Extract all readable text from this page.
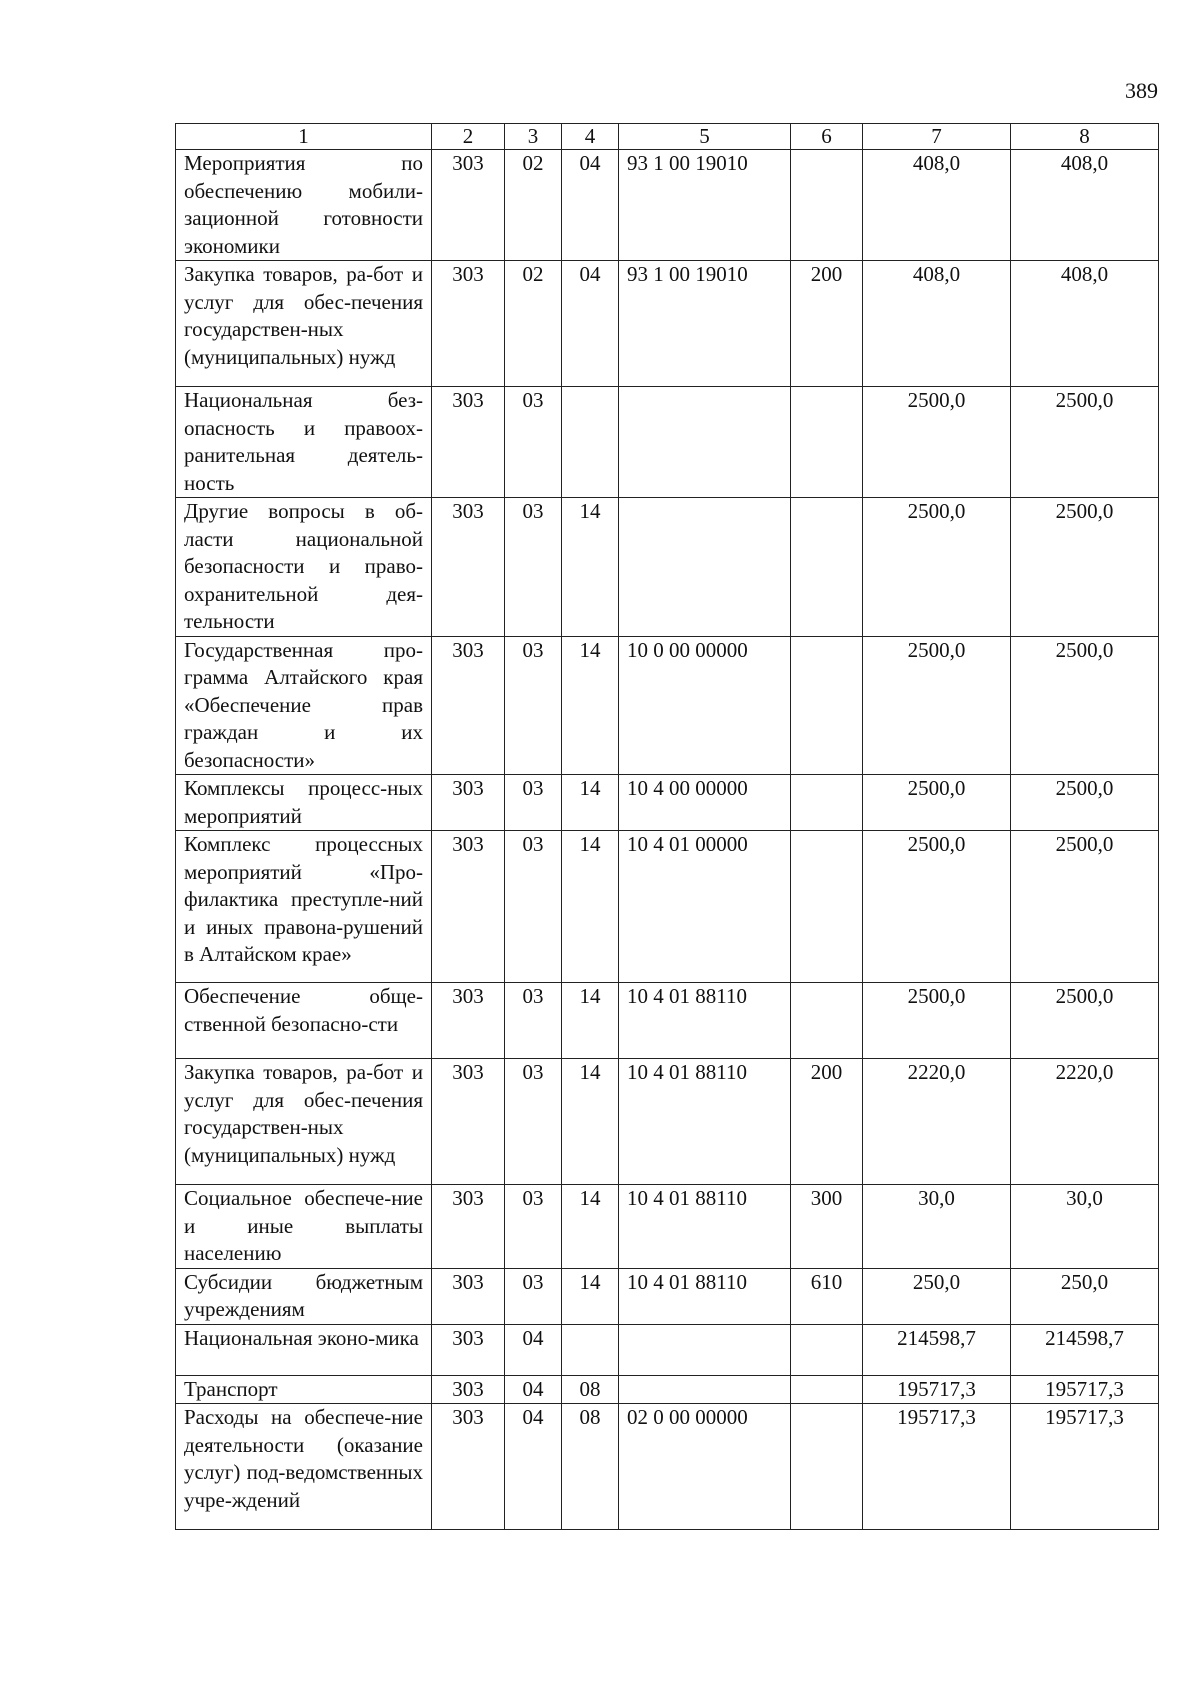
389
1	2	3	4	5	6	7	8
Мероприятия по обеспечению мобили-зационной готовности экономики	303	02	04	93 1 00 19010		408,0	408,0
Закупка товаров, ра-бот и услуг для обес-печения государствен-ных (муниципальных) нужд	303	02	04	93 1 00 19010	200	408,0	408,0
Национальная без-опасность и правоох-ранительная деятель-ность	303	03				2500,0	2500,0
Другие вопросы в об-ласти национальной безопасности и право-охранительной дея-тельности	303	03	14			2500,0	2500,0
Государственная про-грамма Алтайского края «Обеспечение прав граждан и их безопасности»	303	03	14	10 0 00 00000		2500,0	2500,0
Комплексы процесс-ных мероприятий	303	03	14	10 4 00 00000		2500,0	2500,0
Комплекс процессных мероприятий «Про-филактика преступле-ний и иных правона-рушений в Алтайском крае»	303	03	14	10 4 01 00000		2500,0	2500,0
Обеспечение обще-ственной безопасно-сти	303	03	14	10 4 01 88110		2500,0	2500,0
Закупка товаров, ра-бот и услуг для обес-печения государствен-ных (муниципальных) нужд	303	03	14	10 4 01 88110	200	2220,0	2220,0
Социальное обеспече-ние и иные выплаты населению	303	03	14	10 4 01 88110	300	30,0	30,0
Субсидии бюджетным учреждениям	303	03	14	10 4 01 88110	610	250,0	250,0
Национальная эконо-мика	303	04				214598,7	214598,7
Транспорт	303	04	08			195717,3	195717,3
Расходы на обеспече-ние деятельности (оказание услуг) под-ведомственных учре-ждений	303	04	08	02 0 00 00000		195717,3	195717,3
